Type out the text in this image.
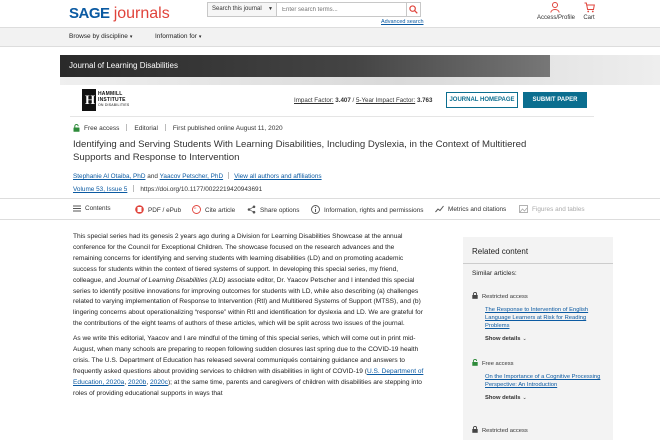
SAGE journals	Search this journal ▼
Enter search terms...
Advanced search
Access/Profile	Cart
Browse by discipline ▾	Information for ▾
Journal of Learning Disabilities
H HAMMILL
INSTITUTE
ON DISABILITIES
Impact Factor: 3.407 / 5-Year Impact Factor: 3.763	JOURNAL HOMEPAGE	SUBMIT PAPER
Free access Editorial First published online August 11, 2020
Identifying and Serving Students With Learning Disabilities, Including Dyslexia, in the Context of Multitiered Supports and Response to Intervention
Stephanie Al Otaiba, PhD and Yaacov Petscher, PhD View all authors and affiliations
Volume 53, Issue 5 https://doi.org/10.1177/0022219420943691
Contents	PDF / ePub " Cite article	Share options	Information, rights and permissions	Metrics and citations	Figures and tables

This special series had its genesis 2 years ago during a Division for Learning Disabilities Showcase at the annual conference for the Council for Exceptional Children. The showcase focused on the research advances and the remaining concerns for identifying and serving students with learning disabilities (LD) and on promoting academic success for students within the context of tiered systems of support. In developing this special series, my friend, colleague, and Journal of Learning Disabilities (JLD) associate editor, Dr. Yaacov Petscher and I intended this special series to identify positive innovations for improving outcomes for students with LD, while also describing (a) challenges related to varying implementation of Response to Intervention (RtI) and Multitiered Systems of Support (MTSS), and (b) lingering concerns about operationalizing “response” within RtI and identification for dyslexia and LD. We are grateful for the contributions of the eight teams of authors of these articles, which will be split across two issues of the journal.

As we write this editorial, Yaacov and I are mindful of the timing of this special series, which will come out in print mid-August, when many schools are preparing to reopen following sudden closures last spring due to the COVID-19 health crisis. The U.S. Department of Education has released several communiqués containing guidance and answers to frequently asked questions about providing services to children with disabilities in light of COVID-19 (U.S. Department of Education, 2020a, 2020b, 2020c); at the same time, parents and caregivers of children with disabilities are stepping into roles of providing educational supports in ways that

Related content
Similar articles:
Restricted access
The Response to Intervention of English Language Learners at Risk for Reading Problems
Show details ⌄
Free access
On the Importance of a Cognitive Processing Perspective: An Introduction
Show details ⌄
Restricted access
